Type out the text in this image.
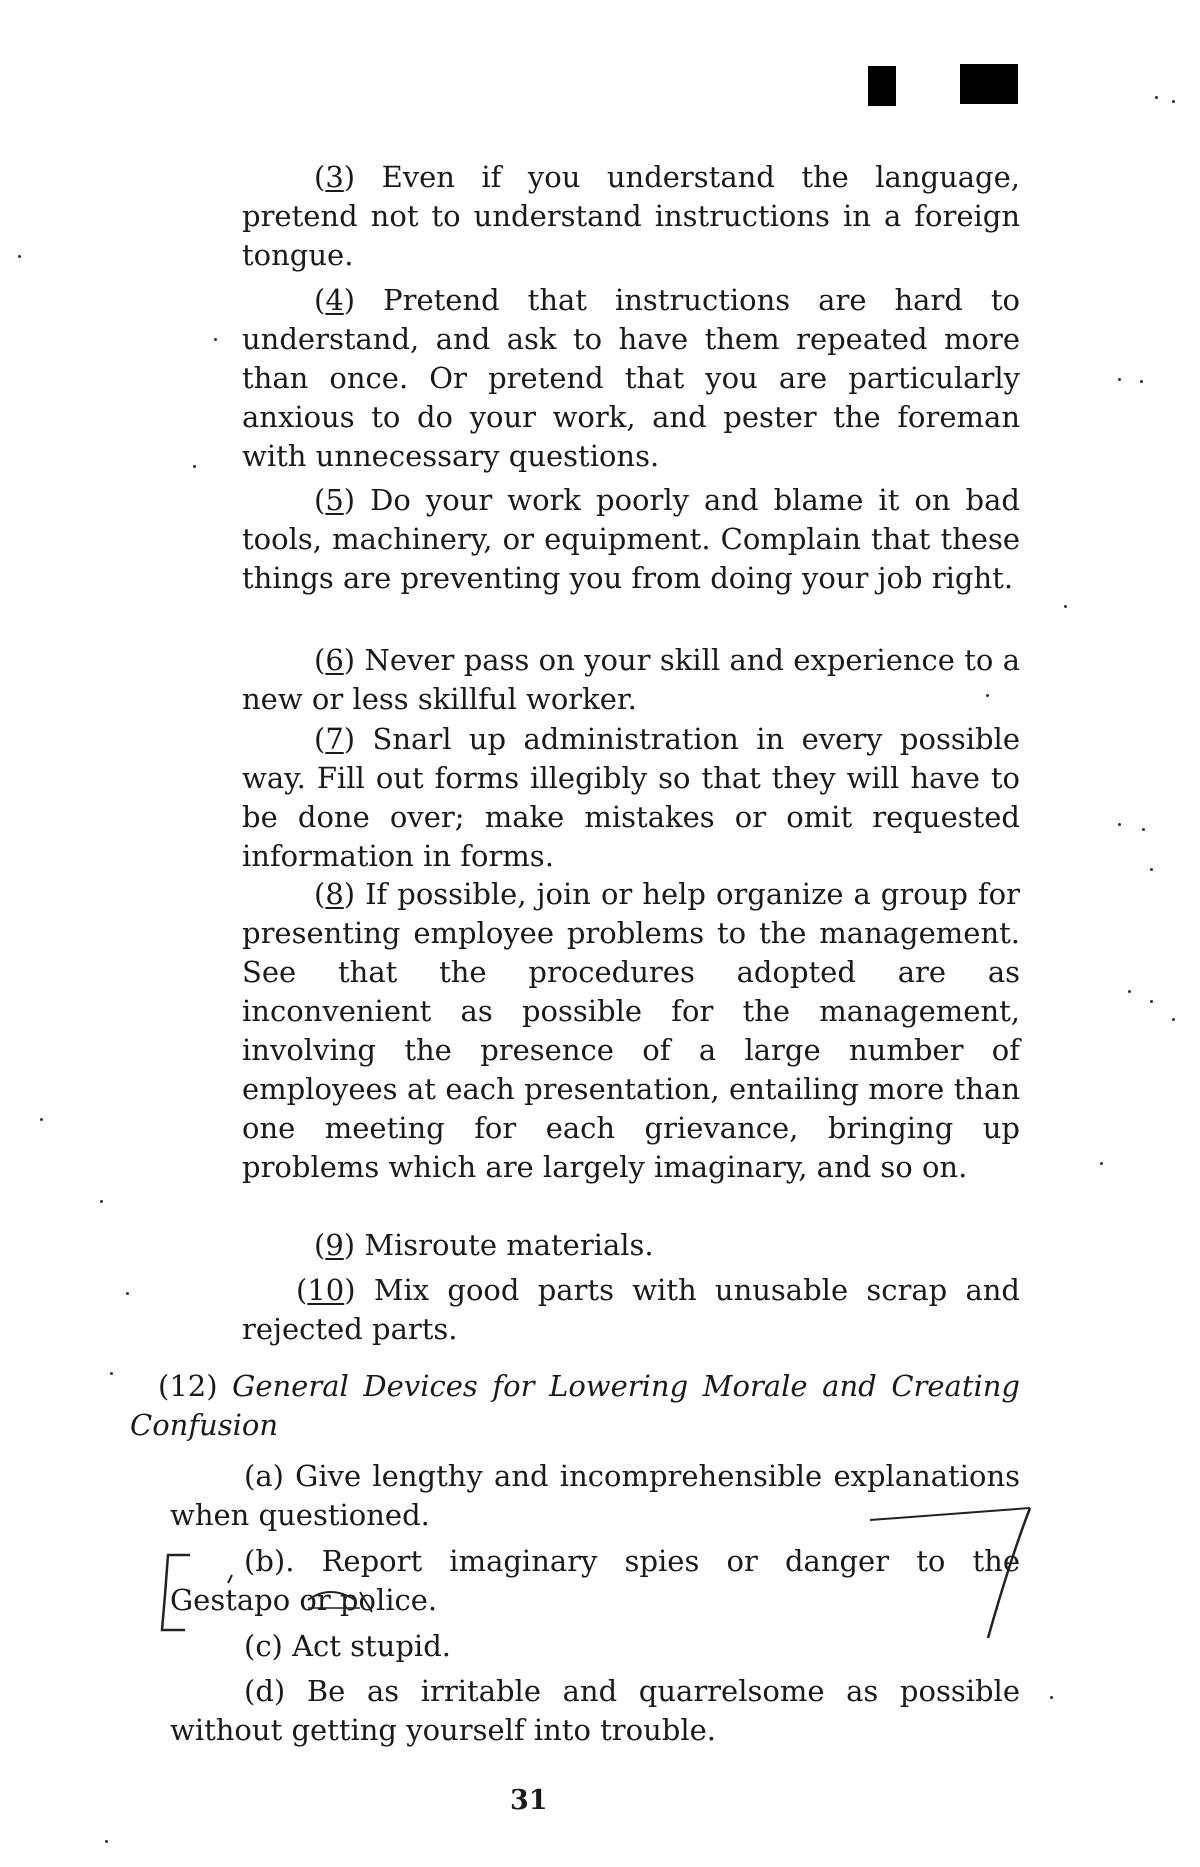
(3) Even if you understand the language, pretend not to understand instructions in a foreign tongue.

(4) Pretend that instructions are hard to understand, and ask to have them repeated more than once. Or pretend that you are particularly anxious to do your work, and pester the foreman with unnecessary questions.

(5) Do your work poorly and blame it on bad tools, machinery, or equipment. Complain that these things are preventing you from doing your job right.

(6) Never pass on your skill and experience to a new or less skillful worker.

(7) Snarl up administration in every possible way. Fill out forms illegibly so that they will have to be done over; make mistakes or omit requested information in forms.

(8) If possible, join or help organize a group for presenting employee problems to the management. See that the procedures adopted are as inconvenient as possible for the management, involving the presence of a large number of employees at each presentation, entailing more than one meeting for each grievance, bringing up problems which are largely imaginary, and so on.

(9) Misroute materials.

(10) Mix good parts with unusable scrap and rejected parts.

(12) General Devices for Lowering Morale and Creating Confusion

(a) Give lengthy and incomprehensible explanations when questioned.

(b). Report imaginary spies or danger to the Gestapo or police.

(c) Act stupid.

(d) Be as irritable and quarrelsome as possible without getting yourself into trouble.

31
